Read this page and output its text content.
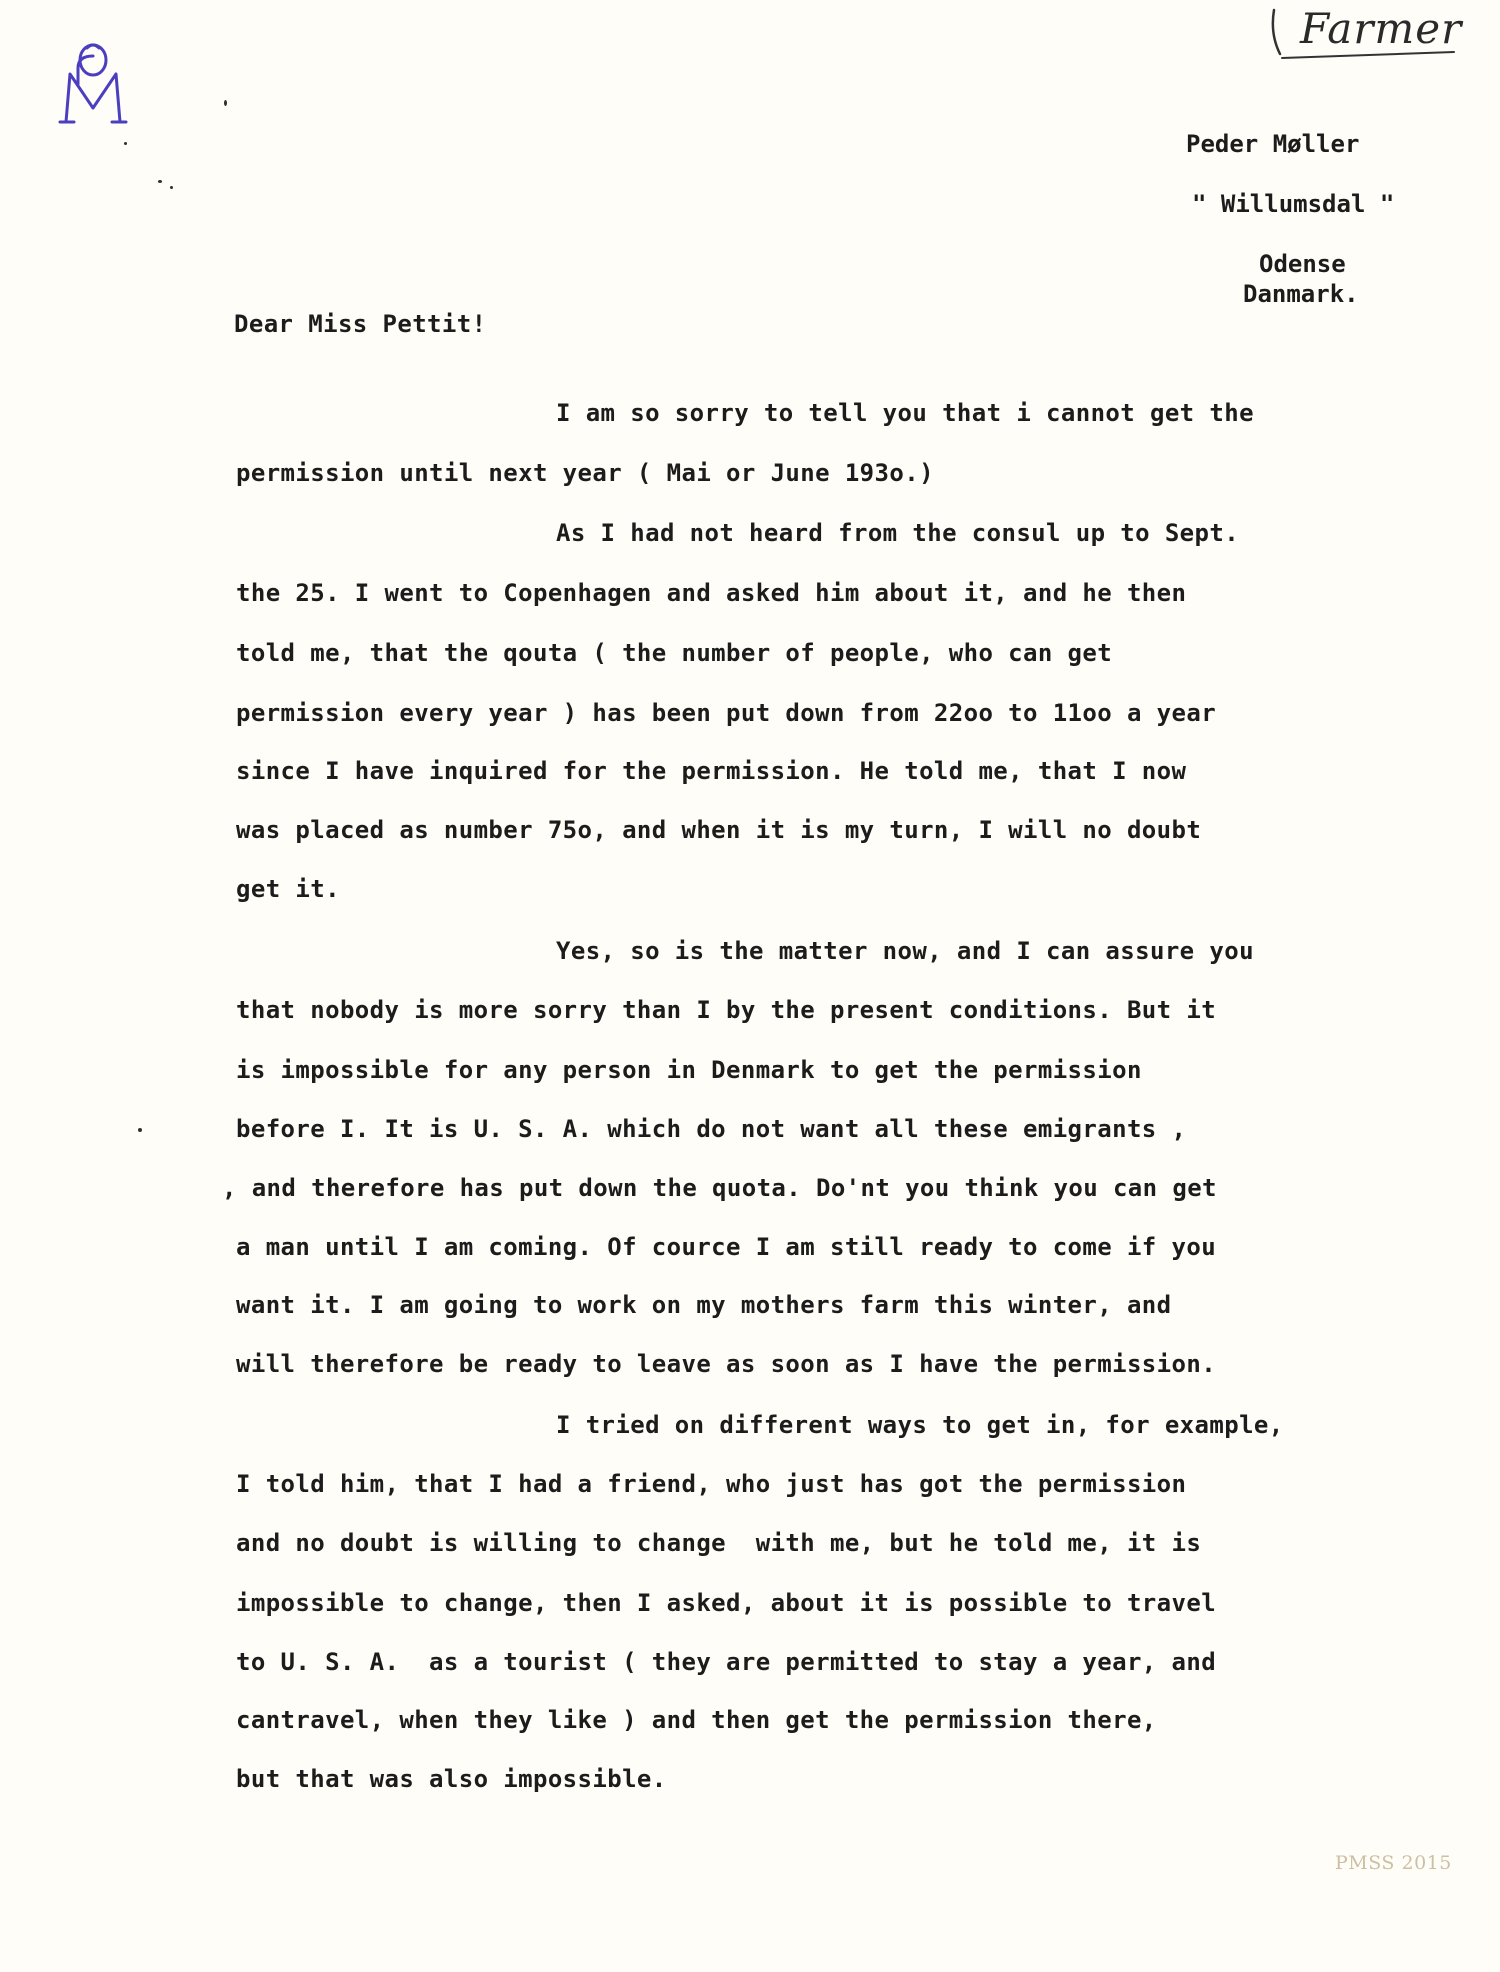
Farmer
Peder Møller
" Willumsdal "
Odense
Danmark.
Dear Miss Pettit!
I am so sorry to tell you that i cannot get the
permission until next year ( Mai or June 193o.)
As I had not heard from the consul up to Sept.
the 25. I went to Copenhagen and asked him about it, and he then
told me, that the qouta ( the number of people, who can get
permission every year ) has been put down from 22oo to 11oo a year
since I have inquired for the permission. He told me, that I now
was placed as number 75o, and when it is my turn, I will no doubt
get it.
Yes, so is the matter now, and I can assure you
that nobody is more sorry than I by the present conditions. But it
is impossible for any person in Denmark to get the permission
before I. It is U. S. A. which do not want all these emigrants ,
, and therefore has put down the quota. Do'nt you think you can get
a man until I am coming. Of cource I am still ready to come if you
want it. I am going to work on my mothers farm this winter, and
will therefore be ready to leave as soon as I have the permission.
I tried on different ways to get in, for example,
I told him, that I had a friend, who just has got the permission
and no doubt is willing to change  with me, but he told me, it is
impossible to change, then I asked, about it is possible to travel
to U. S. A.  as a tourist ( they are permitted to stay a year, and
cantravel, when they like ) and then get the permission there,
but that was also impossible.
PMSS 2015
